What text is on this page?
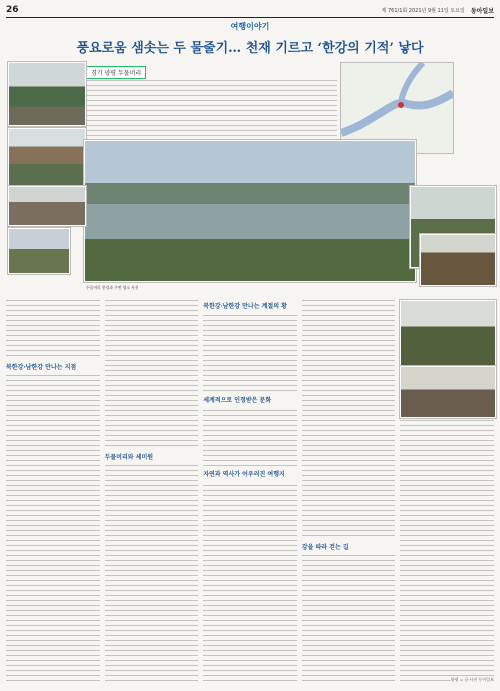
26	제 761/1회 2021년 9월 11일 토요일 동아일보
여행이야기
풍요로움 샘솟는 두 물줄기… 천재 기르고 ‘한강의 기적’ 낳다
경기 양평 두물머리
두물머리 풍경과 주변 명소 사진
북한강·남한강 만나는 지점
두물머리와 세미원
북한강·남한강 만나는 계절의 황
세계적으로 인정받은 문화
자연과 역사가 어우러진 여행지
강을 따라 걷는 길
양평 = 글·사진 동아일보
